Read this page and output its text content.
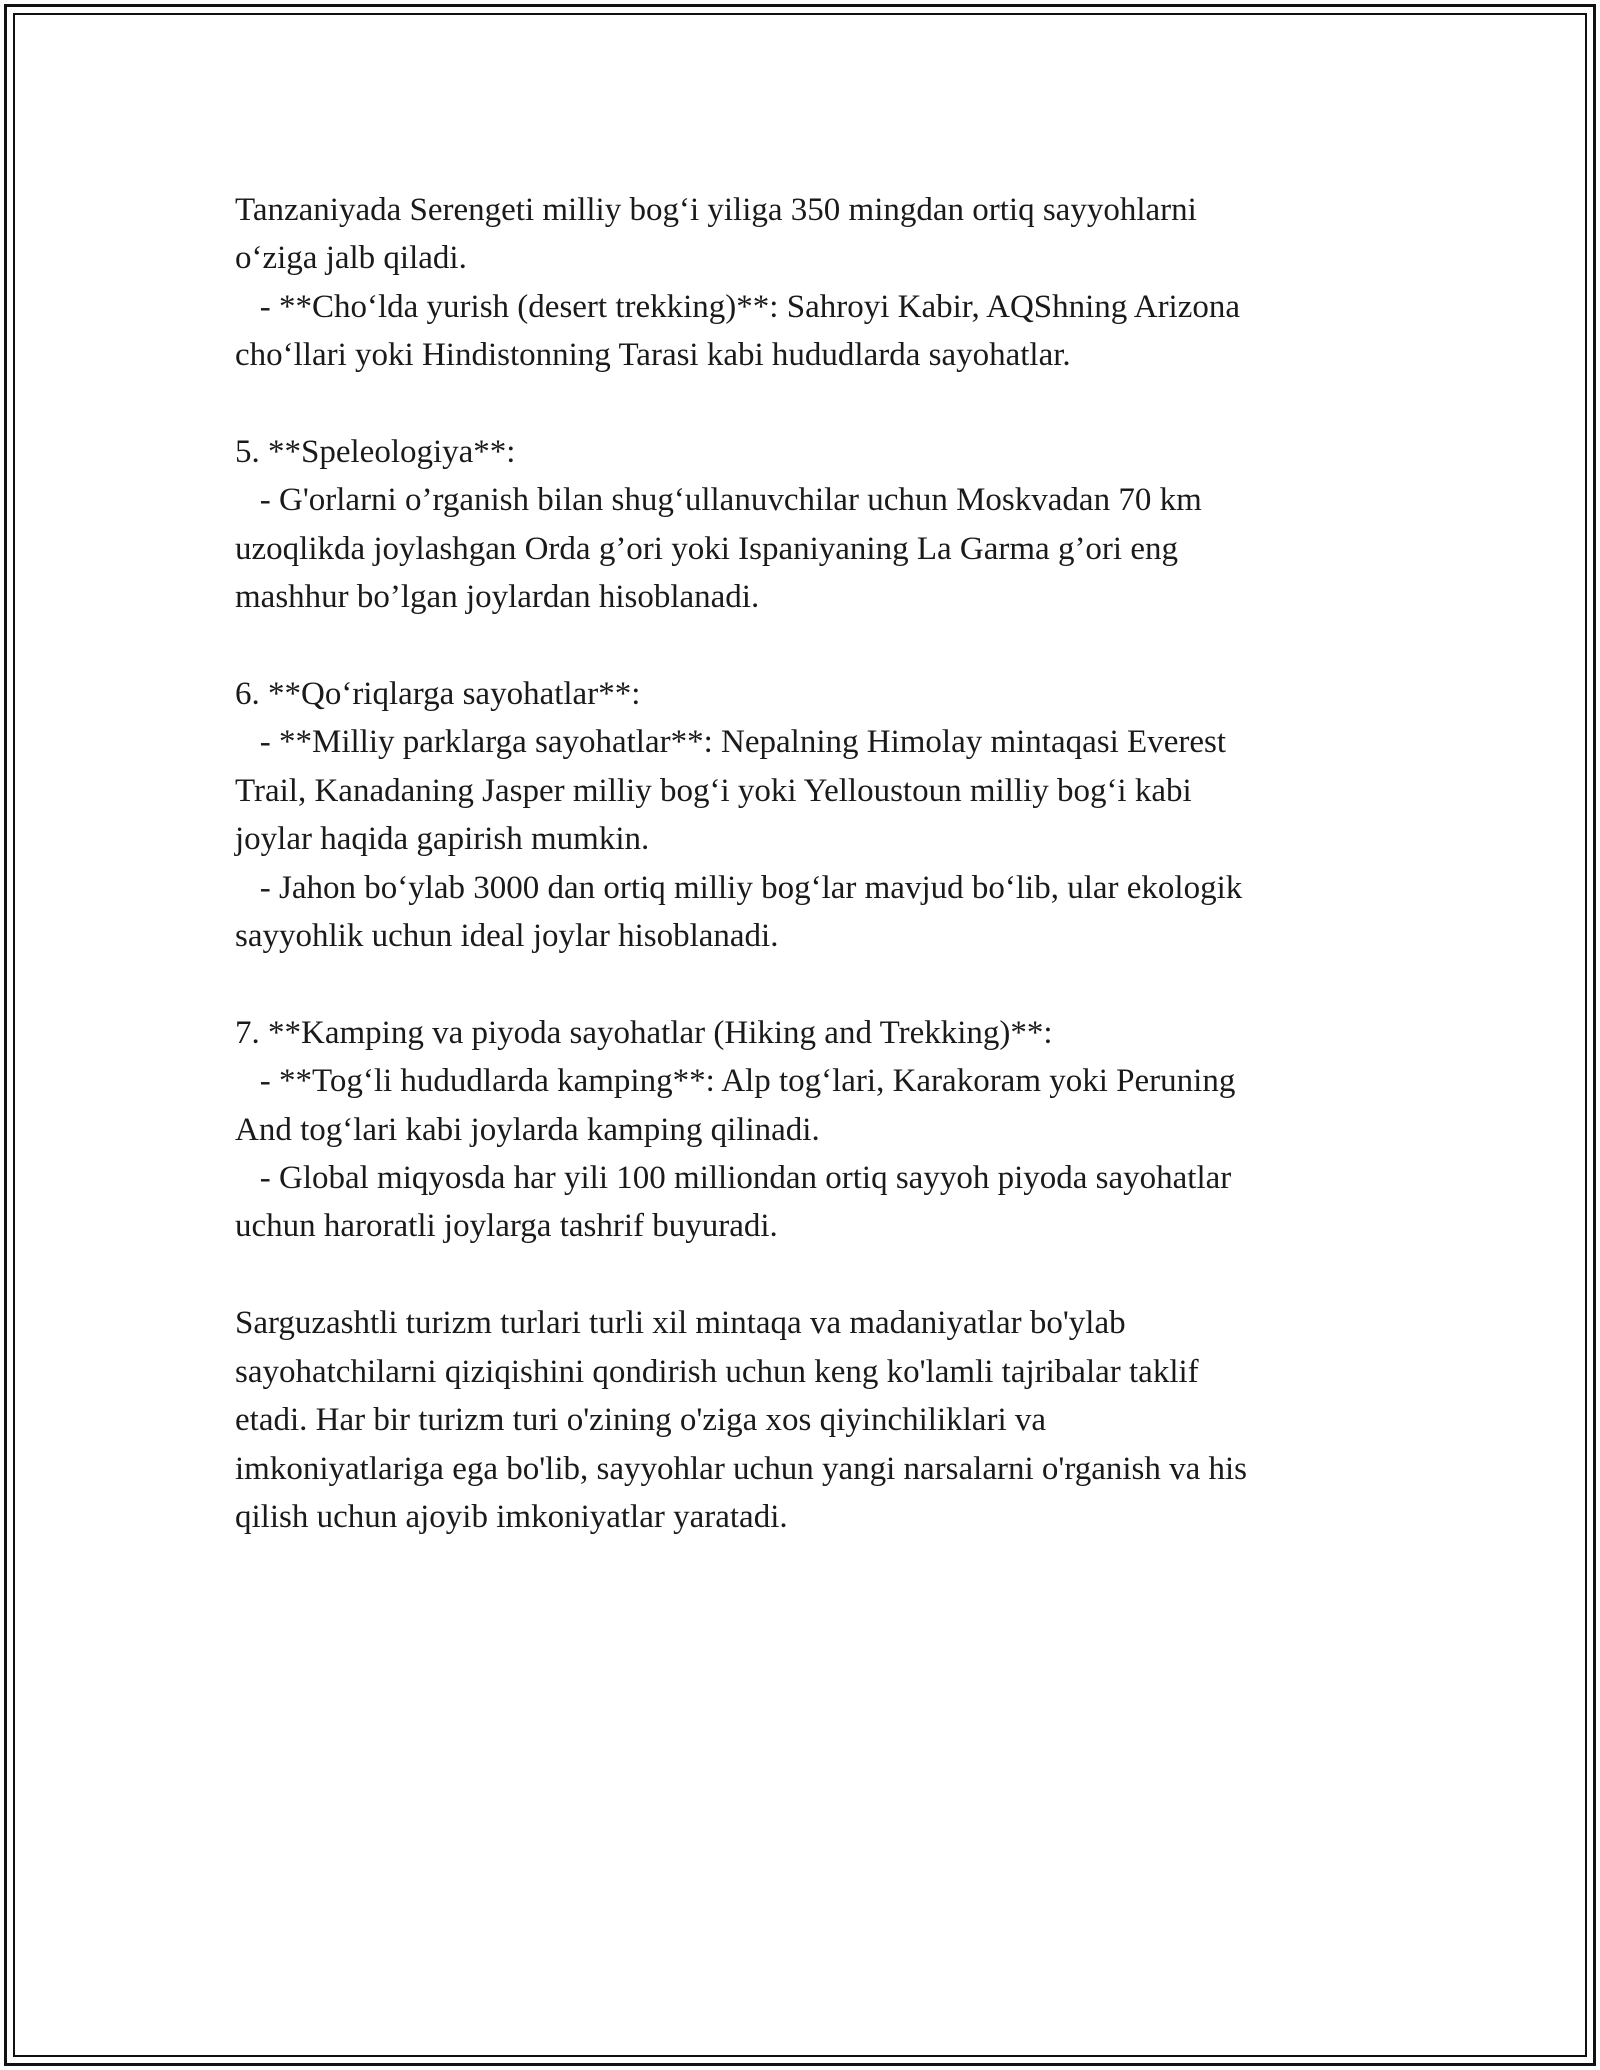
Tanzaniyada Serengeti milliy bog‘i yiliga 350 mingdan ortiq sayyohlarni
o‘ziga jalb qiladi.
- **Cho‘lda yurish (desert trekking)**: Sahroyi Kabir, AQShning Arizona
cho‘llari yoki Hindistonning Tarasi kabi hududlarda sayohatlar.
5. **Speleologiya**:
- G'orlarni o’rganish bilan shug‘ullanuvchilar uchun Moskvadan 70 km
uzoqlikda joylashgan Orda g’ori yoki Ispaniyaning La Garma g’ori eng
mashhur bo’lgan joylardan hisoblanadi.
6. **Qo‘riqlarga sayohatlar**:
- **Milliy parklarga sayohatlar**: Nepalning Himolay mintaqasi Everest
Trail, Kanadaning Jasper milliy bog‘i yoki Yelloustoun milliy bog‘i kabi
joylar haqida gapirish mumkin.
- Jahon bo‘ylab 3000 dan ortiq milliy bog‘lar mavjud bo‘lib, ular ekologik
sayyohlik uchun ideal joylar hisoblanadi.
7. **Kamping va piyoda sayohatlar (Hiking and Trekking)**:
- **Tog‘li hududlarda kamping**: Alp tog‘lari, Karakoram yoki Peruning
And tog‘lari kabi joylarda kamping qilinadi.
- Global miqyosda har yili 100 milliondan ortiq sayyoh piyoda sayohatlar
uchun haroratli joylarga tashrif buyuradi.
Sarguzashtli turizm turlari turli xil mintaqa va madaniyatlar bo'ylab
sayohatchilarni qiziqishini qondirish uchun keng ko'lamli tajribalar taklif
etadi. Har bir turizm turi o'zining o'ziga xos qiyinchiliklari va
imkoniyatlariga ega bo'lib, sayyohlar uchun yangi narsalarni o'rganish va his
qilish uchun ajoyib imkoniyatlar yaratadi.
